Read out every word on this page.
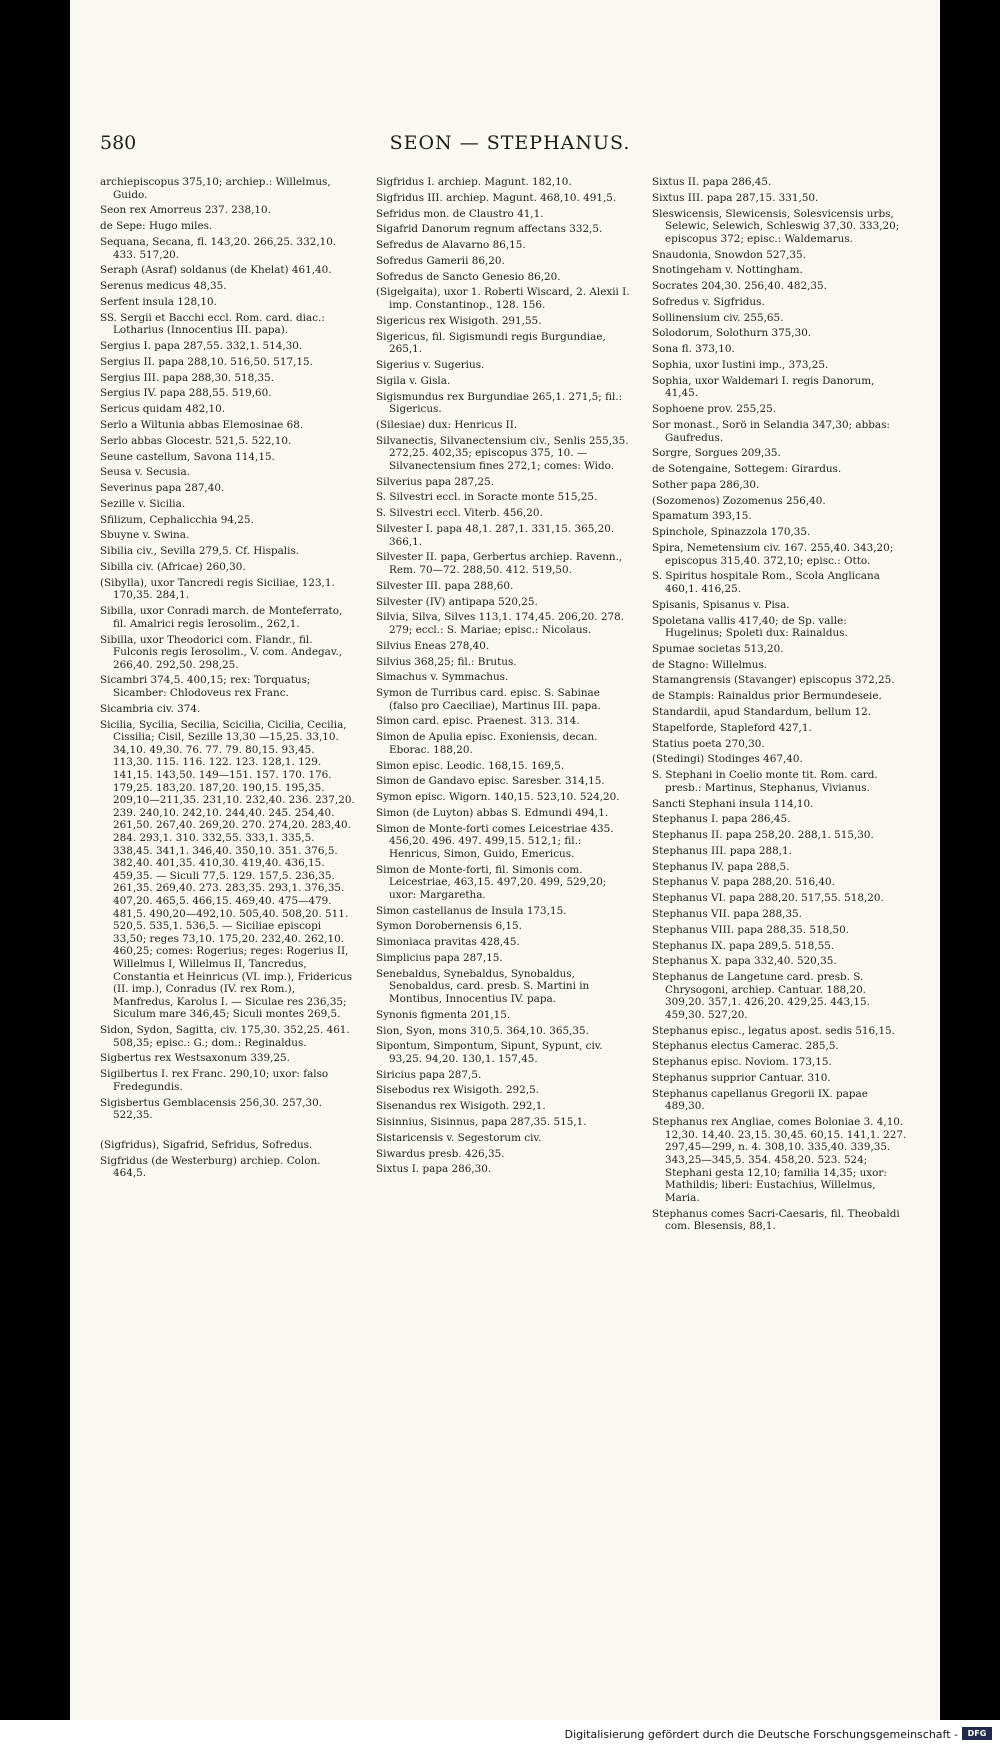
580	SEON — STEPHANUS.
archiepiscopus 375,10; archiep.: Willelmus, Guido.
Seon rex Amorreus 237. 238,10.
de Sepe: Hugo miles.
Sequana, Secana, fl. 143,20. 266,25. 332,10. 433. 517,20.
Seraph (Asraf) soldanus (de Khelat) 461,40.
Serenus medicus 48,35.
Serfent insula 128,10.
SS. Sergii et Bacchi eccl. Rom. card. diac.: Lotharius (Innocentius III. papa).
Sergius I. papa 287,55. 332,1. 514,30.
Sergius II. papa 288,10. 516,50. 517,15.
Sergius III. papa 288,30. 518,35.
Sergius IV. papa 288,55. 519,60.
Sericus quidam 482,10.
Serlo a Wiltunia abbas Elemosinae 68.
Serlo abbas Glocestr. 521,5. 522,10.
Seune castellum, Savona 114,15.
Seusa v. Secusia.
Severinus papa 287,40.
Sezille v. Sicilia.
Sfilizum, Cephalicchia 94,25.
Sbuyne v. Swina.
Sibilia civ., Sevilla 279,5. Cf. Hispalis.
Sibilla civ. (Africae) 260,30.
(Sibylla), uxor Tancredi regis Siciliae, 123,1. 170,35. 284,1.
Sibilla, uxor Conradi march. de Monteferrato, fil. Amalrici regis Ierosolim., 262,1.
Sibilla, uxor Theodorici com. Flandr., fil. Fulconis regis Ierosolim., V. com. Andegav., 266,40. 292,50. 298,25.
Sicambri 374,5. 400,15; rex: Torquatus; Sicamber: Chlodoveus rex Franc.
Sicambria civ. 374.
Sicilia, Sycilia, Secilia, Scicilia, Cicilia, Cecilia, Cissilia; Cisil, Sezille 13,30 —15,25. 33,10. 34,10. 49,30. 76. 77. 79. 80,15. 93,45. 113,30. 115. 116. 122. 123. 128,1. 129. 141,15. 143,50. 149—151. 157. 170. 176. 179,25. 183,20. 187,20. 190,15. 195,35. 209,10—211,35. 231,10. 232,40. 236. 237,20. 239. 240,10. 242,10. 244,40. 245. 254,40. 261,50. 267,40. 269,20. 270. 274,20. 283,40. 284. 293,1. 310. 332,55. 333,1. 335,5. 338,45. 341,1. 346,40. 350,10. 351. 376,5. 382,40. 401,35. 410,30. 419,40. 436,15. 459,35. — Siculi 77,5. 129. 157,5. 236,35. 261,35. 269,40. 273. 283,35. 293,1. 376,35. 407,20. 465,5. 466,15. 469,40. 475—479. 481,5. 490,20—492,10. 505,40. 508,20. 511. 520,5. 535,1. 536,5. — Siciliae episcopi 33,50; reges 73,10. 175,20. 232,40. 262,10. 460,25; comes: Rogerius; reges: Rogerius II, Willelmus I, Willelmus II, Tancredus, Constantia et Heinricus (VI. imp.), Fridericus (II. imp.), Conradus (IV. rex Rom.), Manfredus, Karolus I. — Siculae res 236,35; Siculum mare 346,45; Siculi montes 269,5.
Sidon, Sydon, Sagitta, civ. 175,30. 352,25. 461. 508,35; episc.: G.; dom.: Reginaldus.
Sigbertus rex Westsaxonum 339,25.
Sigilbertus I. rex Franc. 290,10; uxor: falso Fredegundis.
Sigisbertus Gemblacensis 256,30. 257,30. 522,35.
(Sigfridus), Sigafrid, Sefridus, Sofredus.
Sigfridus (de Westerburg) archiep. Colon. 464,5.
Sigfridus I. archiep. Magunt. 182,10.
Sigfridus III. archiep. Magunt. 468,10. 491,5.
Sefridus mon. de Claustro 41,1.
Sigafrid Danorum regnum affectans 332,5.
Sefredus de Alavarno 86,15.
Sofredus Gamerii 86,20.
Sofredus de Sancto Genesio 86,20.
(Sigelgaita), uxor 1. Roberti Wiscard, 2. Alexii I. imp. Constantinop., 128. 156.
Sigericus rex Wisigoth. 291,55.
Sigericus, fil. Sigismundi regis Burgundiae, 265,1.
Sigerius v. Sugerius.
Sigila v. Gisla.
Sigismundus rex Burgundiae 265,1. 271,5; fil.: Sigericus.
(Silesiae) dux: Henricus II.
Silvanectis, Silvanectensium civ., Senlis 255,35. 272,25. 402,35; episcopus 375, 10. — Silvanectensium fines 272,1; comes: Wido.
Silverius papa 287,25.
S. Silvestri eccl. in Soracte monte 515,25.
S. Silvestri eccl. Viterb. 456,20.
Silvester I. papa 48,1. 287,1. 331,15. 365,20. 366,1.
Silvester II. papa, Gerbertus archiep. Ravenn., Rem. 70—72. 288,50. 412. 519,50.
Silvester III. papa 288,60.
Silvester (IV) antipapa 520,25.
Silvia, Silva, Silves 113,1. 174,45. 206,20. 278. 279; eccl.: S. Mariae; episc.: Nicolaus.
Silvius Eneas 278,40.
Silvius 368,25; fil.: Brutus.
Simachus v. Symmachus.
Symon de Turribus card. episc. S. Sabinae (falso pro Caeciliae), Martinus III. papa.
Simon card. episc. Praenest. 313. 314.
Simon de Apulia episc. Exoniensis, decan. Eborac. 188,20.
Simon episc. Leodic. 168,15. 169,5.
Simon de Gandavo episc. Saresber. 314,15.
Symon episc. Wigorn. 140,15. 523,10. 524,20.
Simon (de Luyton) abbas S. Edmundi 494,1.
Simon de Monte-forti comes Leicestriae 435. 456,20. 496. 497. 499,15. 512,1; fil.: Henricus, Simon, Guido, Emericus.
Simon de Monte-forti, fil. Simonis com. Leicestriae, 463,15. 497,20. 499, 529,20; uxor: Margaretha.
Simon castellanus de Insula 173,15.
Symon Dorobernensis 6,15.
Simoniaca pravitas 428,45.
Simplicius papa 287,15.
Senebaldus, Synebaldus, Synobaldus, Senobaldus, card. presb. S. Martini in Montibus, Innocentius IV. papa.
Synonis figmenta 201,15.
Sion, Syon, mons 310,5. 364,10. 365,35.
Sipontum, Simpontum, Sipunt, Sypunt, civ. 93,25. 94,20. 130,1. 157,45.
Siricius papa 287,5.
Sisebodus rex Wisigoth. 292,5.
Sisenandus rex Wisigoth. 292,1.
Sisinnius, Sisinnus, papa 287,35. 515,1.
Sistaricensis v. Segestorum civ.
Siwardus presb. 426,35.
Sixtus I. papa 286,30.
Sixtus II. papa 286,45.
Sixtus III. papa 287,15. 331,50.
Sleswicensis, Slewicensis, Solesvicensis urbs, Selewic, Selewich, Schleswig 37,30. 333,20; episcopus 372; episc.: Waldemarus.
Snaudonia, Snowdon 527,35.
Snotingeham v. Nottingham.
Socrates 204,30. 256,40. 482,35.
Sofredus v. Sigfridus.
Sollinensium civ. 255,65.
Solodorum, Solothurn 375,30.
Sona fl. 373,10.
Sophia, uxor Iustini imp., 373,25.
Sophia, uxor Waldemari I. regis Danorum, 41,45.
Sophoene prov. 255,25.
Sor monast., Sorö in Selandia 347,30; abbas: Gaufredus.
Sorgre, Sorgues 209,35.
de Sotengaine, Sottegem: Girardus.
Sother papa 286,30.
(Sozomenos) Zozomenus 256,40.
Spamatum 393,15.
Spinchole, Spinazzola 170,35.
Spira, Nemetensium civ. 167. 255,40. 343,20; episcopus 315,40. 372,10; episc.: Otto.
S. Spiritus hospitale Rom., Scola Anglicana 460,1. 416,25.
Spisanis, Spisanus v. Pisa.
Spoletana vallis 417,40; de Sp. valle: Hugelinus; Spoleti dux: Rainaldus.
Spumae societas 513,20.
de Stagno: Willelmus.
Stamangrensis (Stavanger) episcopus 372,25.
de Stampis: Rainaldus prior Bermundeseie.
Standardii, apud Standardum, bellum 12.
Stapelforde, Stapleford 427,1.
Statius poeta 270,30.
(Stedingi) Stodinges 467,40.
S. Stephani in Coelio monte tit. Rom. card. presb.: Martinus, Stephanus, Vivianus.
Sancti Stephani insula 114,10.
Stephanus I. papa 286,45.
Stephanus II. papa 258,20. 288,1. 515,30.
Stephanus III. papa 288,1.
Stephanus IV. papa 288,5.
Stephanus V. papa 288,20. 516,40.
Stephanus VI. papa 288,20. 517,55. 518,20.
Stephanus VII. papa 288,35.
Stephanus VIII. papa 288,35. 518,50.
Stephanus IX. papa 289,5. 518,55.
Stephanus X. papa 332,40. 520,35.
Stephanus de Langetune card. presb. S. Chrysogoni, archiep. Cantuar. 188,20. 309,20. 357,1. 426,20. 429,25. 443,15. 459,30. 527,20.
Stephanus episc., legatus apost. sedis 516,15.
Stephanus electus Camerac. 285,5.
Stephanus episc. Noviom. 173,15.
Stephanus supprior Cantuar. 310.
Stephanus capellanus Gregorii IX. papae 489,30.
Stephanus rex Angliae, comes Boloniae 3. 4,10. 12,30. 14,40. 23,15. 30,45. 60,15. 141,1. 227. 297,45—299, n. 4. 308,10. 335,40. 339,35. 343,25—345,5. 354. 458,20. 523. 524; Stephani gesta 12,10; familia 14,35; uxor: Mathildis; liberi: Eustachius, Willelmus, Maria.
Stephanus comes Sacri-Caesaris, fil. Theobaldi com. Blesensis, 88,1.
Digitalisierung gefördert durch die Deutsche Forschungsgemeinschaft -	DFG
